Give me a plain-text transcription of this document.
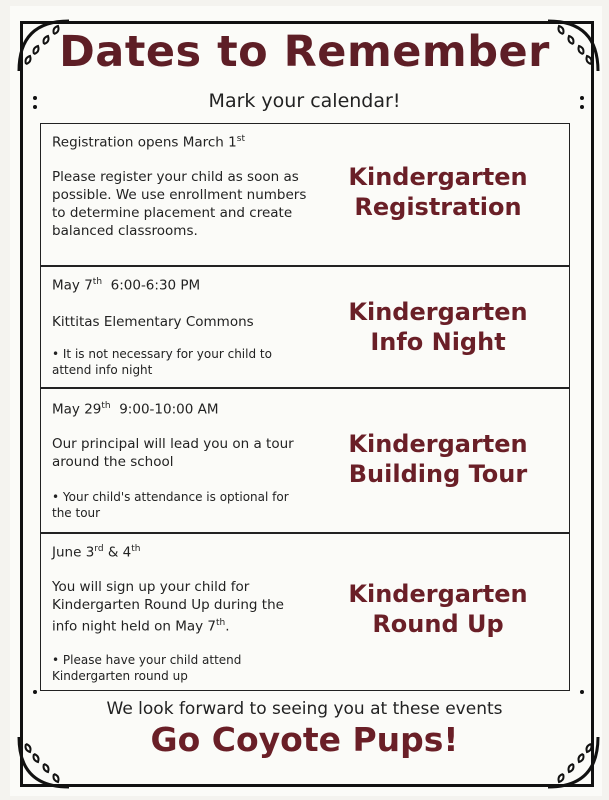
Dates to Remember
Mark your calendar!
Registration opens March 1st
Please register your child as soon as possible. We use enrollment numbers to determine placement and create balanced classrooms.
Kindergarten
Registration
May 7th 6:00-6:30 PM
Kittitas Elementary Commons
• It is not necessary for your child to attend info night
Kindergarten
Info Night
May 29th 9:00-10:00 AM
Our principal will lead you on a tour around the school
• Your child's attendance is optional for the tour
Kindergarten
Building Tour
June 3rd & 4th
You will sign up your child for Kindergarten Round Up during the info night held on May 7th.
• Please have your child attend Kindergarten round up
Kindergarten
Round Up
We look forward to seeing you at these events
Go Coyote Pups!
